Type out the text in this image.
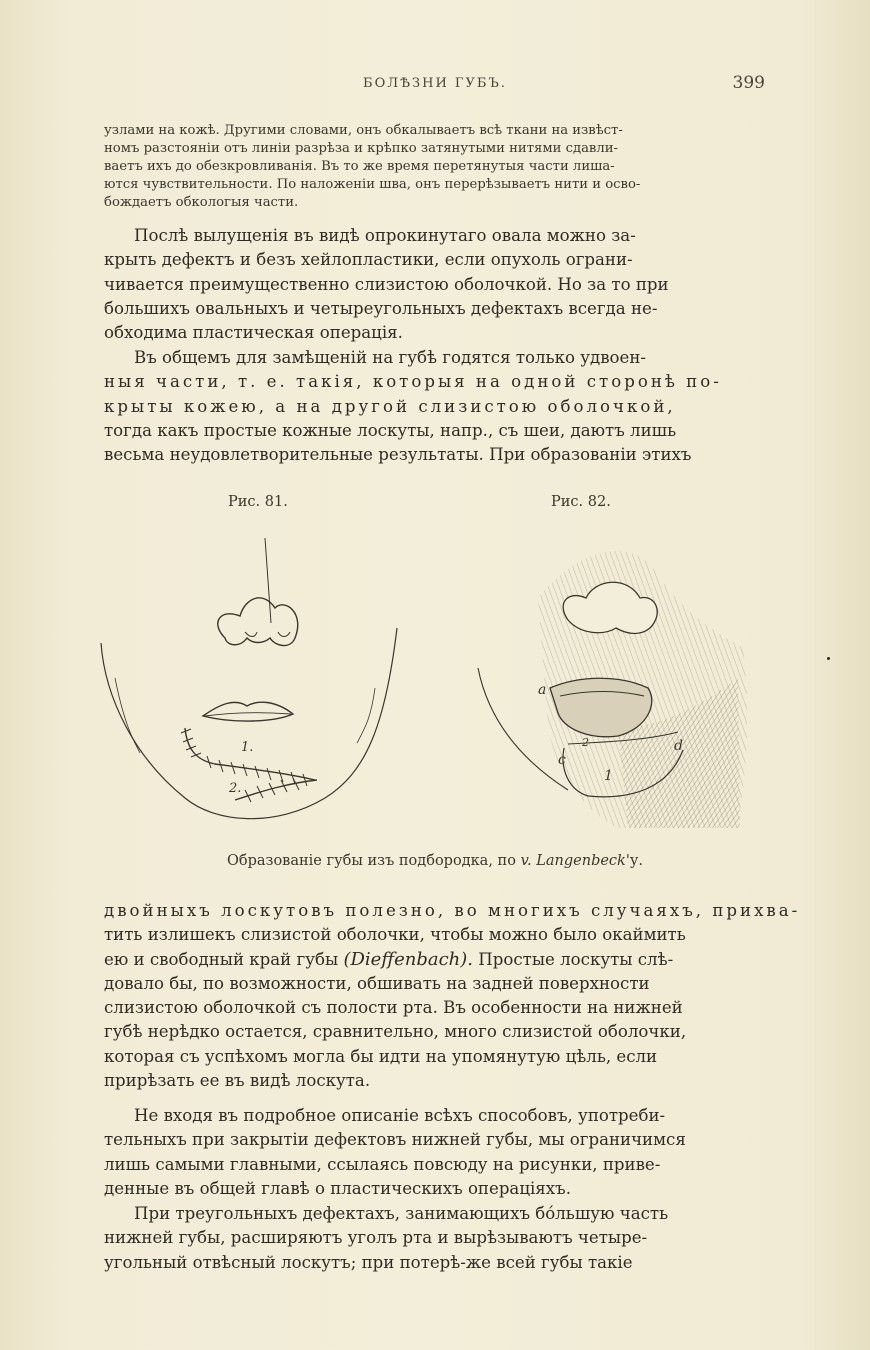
БОЛѢЗНИ ГУБЪ.	399
узлами на кожѣ. Другими словами, онъ обкалываетъ всѣ ткани на извѣст-
номъ разстояніи отъ линіи разрѣза и крѣпко затянутыми нитями сдавли-
ваетъ ихъ до обезкровливанія. Въ то же время перетянутыя части лиша-
ются чувствительности. По наложеніи шва, онъ перерѣзываетъ нити и осво-
бождаетъ обкологыя части.
Послѣ вылущенія въ видѣ опрокинутаго овала можно за-
крыть дефектъ и безъ хейлопластики, если опухоль ограни-
чивается преимущественно слизистою оболочкой. Но за то при
большихъ овальныхъ и четыреугольныхъ дефектахъ всегда не-
обходима пластическая операція.
Въ общемъ для замѣщеній на губѣ годятся только удвоен-
ныя части, т. е. такія, которыя на одной сторонѣ по-
крыты кожею, а на другой слизистою оболочкой,
тогда какъ простые кожные лоскуты, напр., съ шеи, даютъ лишь
весьма неудовлетворительные результаты. При образованіи этихъ
Рис. 81.	Рис. 82.
1.
2.
a
2
c
d
1
Образованіе губы изъ подбородка, по v. Langenbeck'у.
двойныхъ лоскутовъ полезно, во многихъ случаяхъ, прихва-
тить излишекъ слизистой оболочки, чтобы можно было окаймить
ею и свободный край губы (Dieffenbach). Простые лоскуты слѣ-
довало бы, по возможности, обшивать на задней поверхности
слизистою оболочкой съ полости рта. Въ особенности на нижней
губѣ нерѣдко остается, сравнительно, много слизистой оболочки,
которая съ успѣхомъ могла бы идти на упомянутую цѣль, если
прирѣзать ее въ видѣ лоскута.
Не входя въ подробное описаніе всѣхъ способовъ, употреби-
тельныхъ при закрытіи дефектовъ нижней губы, мы ограничимся
лишь самыми главными, ссылаясь повсюду на рисунки, приве-
денные въ общей главѣ о пластическихъ операціяхъ.
При треугольныхъ дефектахъ, занимающихъ бо́льшую часть
нижней губы, расширяютъ уголъ рта и вырѣзываютъ четыре-
угольный отвѣсный лоскутъ; при потерѣ-же всей губы такіе
